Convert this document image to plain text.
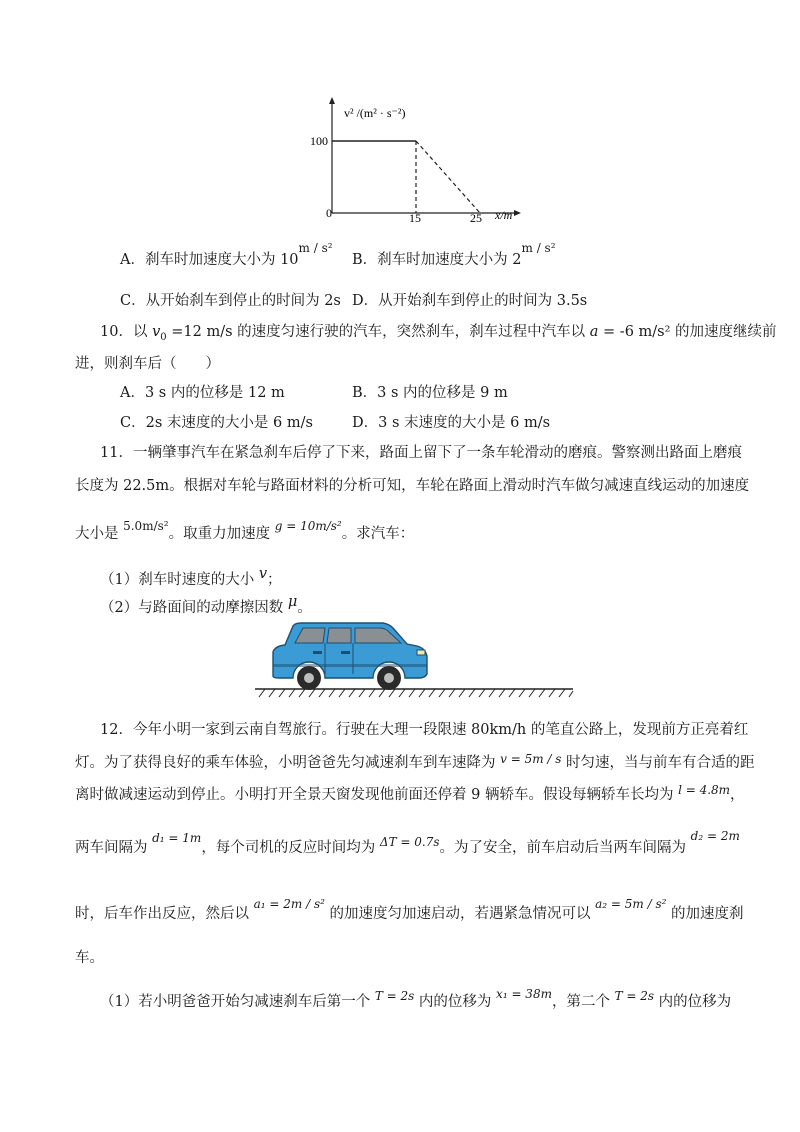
v² /(m² · s⁻²)
100
0	15	25 x/m
A．刹车时加速度大小为 $10^{m / s^2}$
B．刹车时加速度大小为 $2^{m / s^2}$
C．从开始刹车到停止的时间为 2s D．从开始刹车到停止的时间为 3.5s
10．以 $v_0 =12$ m/s 的速度匀速行驶的汽车，突然刹车，刹车过程中汽车以 a = -6 m/s² 的加速度继续前
进，则刹车后（　　）
A．3 s 内的位移是 12 m	B．3 s 内的位移是 9 m
C．2s 末速度的大小是 6 m/s	D．3 s 末速度的大小是 6 m/s
11．一辆肇事汽车在紧急刹车后停了下来，路面上留下了一条车轮滑动的磨痕。警察测出路面上磨痕
长度为 22.5m。根据对车轮与路面材料的分析可知，车轮在路面上滑动时汽车做匀减速直线运动的加速度
大小是 $^{5.0m/s^2}$。取重力加速度 $^{g = 10m/s^2}$。求汽车：
（1）刹车时速度的大小 v；
（2）与路面间的动摩擦因数 μ。
12．今年小明一家到云南自驾旅行。行驶在大理一段限速 80km/h 的笔直公路上，发现前方正亮着红
灯。为了获得良好的乘车体验，小明爸爸先匀减速刹车到车速降为 $^{v = 5m / s}$ 时匀速，当与前车有合适的距
离时做减速运动到停止。小明打开全景天窗发现他前面还停着 9 辆轿车。假设每辆轿车长均为 $^{l = 4.8m}$，
两车间隔为 $^{d_1 = 1m}$，每个司机的反应时间均为 $^{\Delta T = 0.7s}$。为了安全，前车启动后当两车间隔为 $^{d_2 = 2m}$
时，后车作出反应，然后以 $^{a_1 = 2m / s^2}$ 的加速度匀加速启动，若遇紧急情况可以 $^{a_2 = 5m / s^2}$ 的加速度刹
车。
（1）若小明爸爸开始匀减速刹车后第一个 $^{T = 2s}$ 内的位移为 $^{x_1 = 38m}$，第二个 $^{T = 2s}$ 内的位移为
